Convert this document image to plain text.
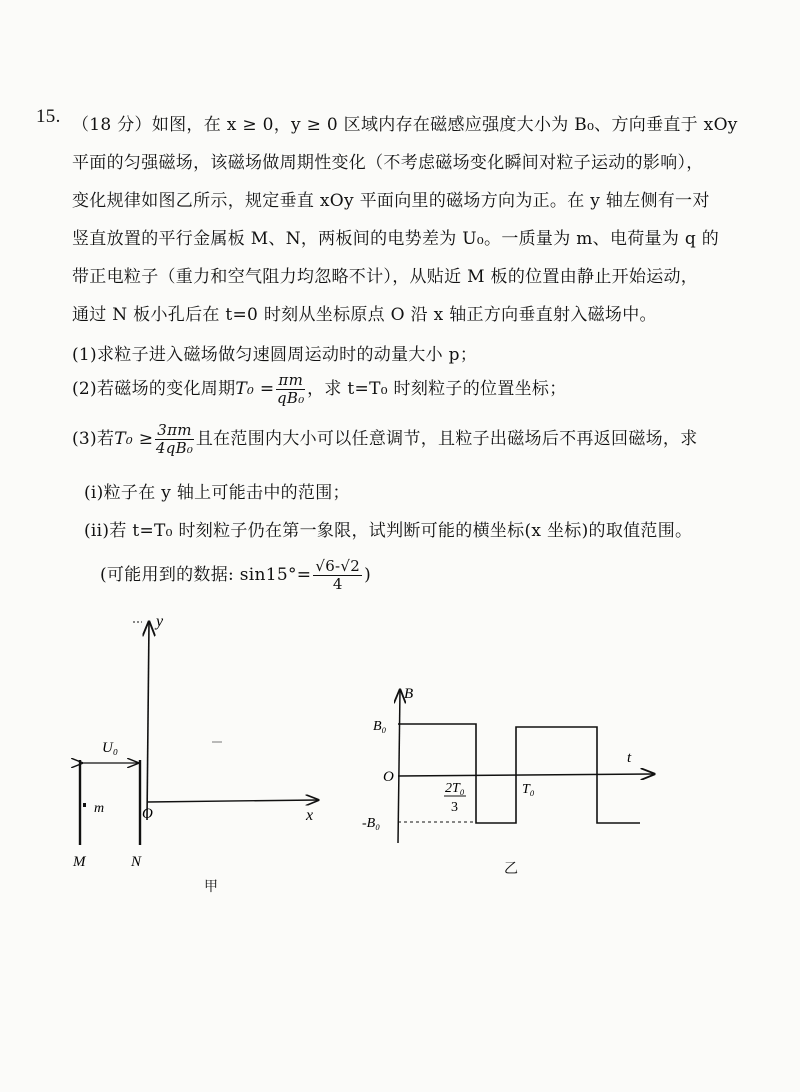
15. （18 分）如图，在 x ≥ 0，y ≥ 0 区域内存在磁感应强度大小为 B₀、方向垂直于 xOy
平面的匀强磁场，该磁场做周期性变化（不考虑磁场变化瞬间对粒子运动的影响），
变化规律如图乙所示，规定垂直 xOy 平面向里的磁场方向为正。在 y 轴左侧有一对
竖直放置的平行金属板 M、N，两板间的电势差为 U₀。一质量为 m、电荷量为 q 的
带正电粒子（重力和空气阻力均忽略不计），从贴近 M 板的位置由静止开始运动，
通过 N 板小孔后在 t=0 时刻从坐标原点 O 沿 x 轴正方向垂直射入磁场中。
(1)求粒子进入磁场做匀速圆周运动时的动量大小 p；
(2)若磁场的变化周期$T_0 = \frac{\pi m}{\text{qB₀}}$ ，求 t=T₀ 时刻粒子的位置坐标；
(3)若$T_0 \ge \frac{3\pi m}{\text{4qB₀}}$ 且在范围内大小可以任意调节，且粒子出磁场后不再返回磁场，求
(i)粒子在 y 轴上可能击中的范围；
(ii)若 t=T₀ 时刻粒子仍在第一象限，试判断可能的横坐标(x 坐标)的取值范围。
(可能用到的数据: $\sin 15^\circ= \frac{√6-√2}{4}$ )
y
x
O
U₀
m
M	N
B
t
O
B₀
-B₀
2T₀
3
T₀
甲
乙
